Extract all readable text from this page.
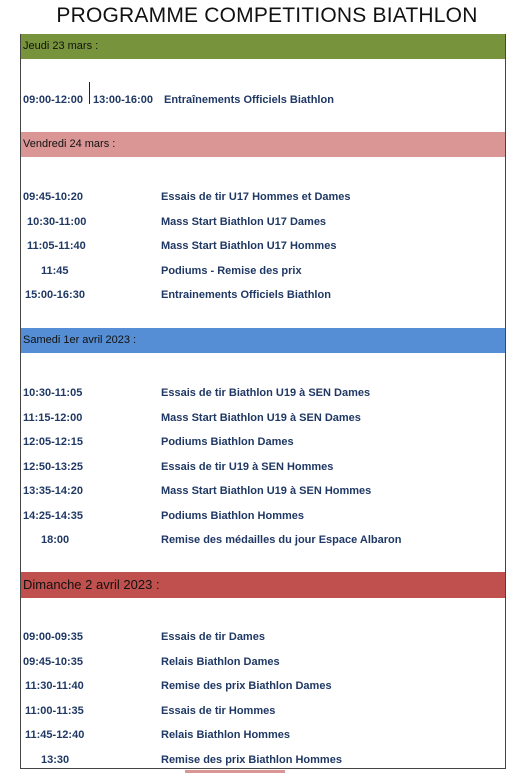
PROGRAMME COMPETITIONS BIATHLON
Jeudi 23 mars :
09:00-12:00 13:00-16:00 Entraînements Officiels Biathlon
Vendredi 24 mars :
09:45-10:20	Essais de tir U17 Hommes et Dames
10:30-11:00	Mass Start Biathlon U17 Dames
11:05-11:40	Mass Start Biathlon U17 Hommes
11:45	Podiums - Remise des prix
15:00-16:30	Entrainements Officiels Biathlon
Samedi 1er avril 2023 :
10:30-11:05	Essais de tir Biathlon U19 à SEN Dames
11:15-12:00	Mass Start Biathlon U19 à SEN Dames
12:05-12:15	Podiums Biathlon Dames
12:50-13:25	Essais de tir U19 à SEN Hommes
13:35-14:20	Mass Start Biathlon U19 à SEN Hommes
14:25-14:35	Podiums Biathlon Hommes
18:00	Remise des médailles du jour Espace Albaron
Dimanche 2 avril 2023 :
09:00-09:35	Essais de tir Dames
09:45-10:35	Relais Biathlon Dames
11:30-11:40	Remise des prix Biathlon Dames
11:00-11:35	Essais de tir Hommes
11:45-12:40	Relais Biathlon Hommes
13:30	Remise des prix Biathlon Hommes
